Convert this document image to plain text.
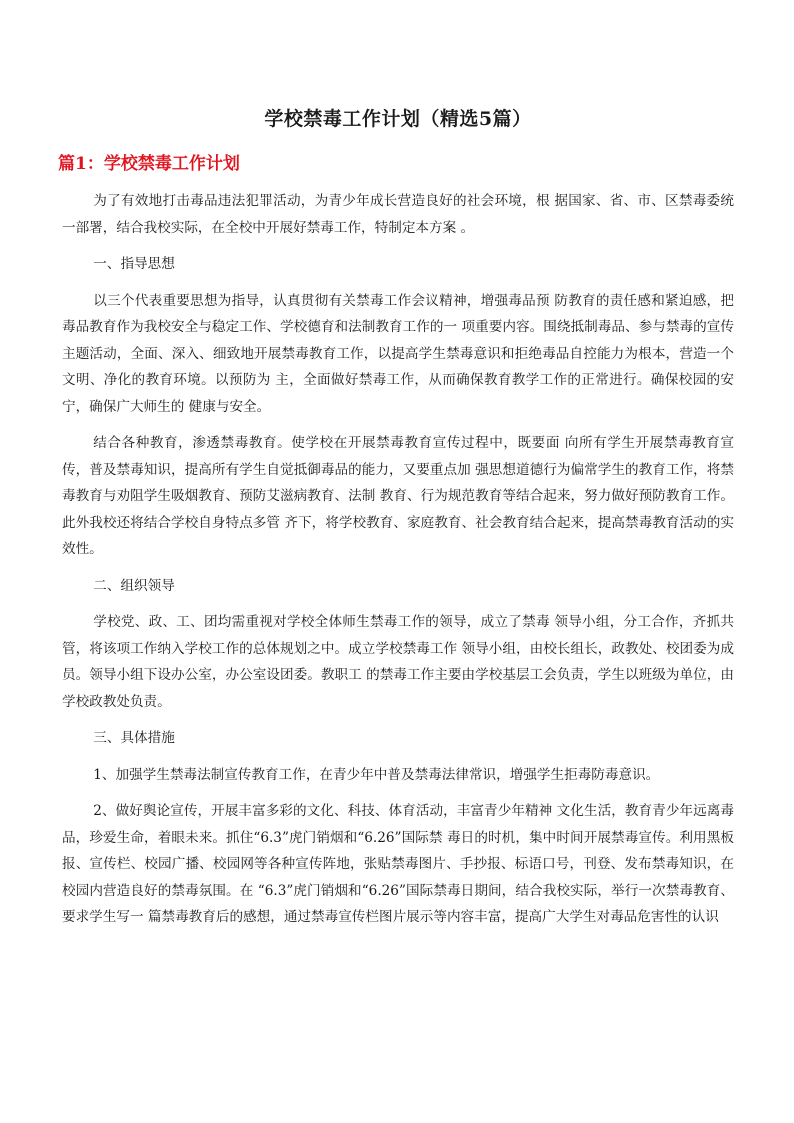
学校禁毒工作计划（精选5篇）
篇1：学校禁毒工作计划

为了有效地打击毒品违法犯罪活动，为青少年成长营造良好的社会环境，根 据国家、省、市、区禁毒委统一部署，结合我校实际，在全校中开展好禁毒工作，特制定本方案 。

一、指导思想

以三个代表重要思想为指导，认真贯彻有关禁毒工作会议精神，增强毒品预 防教育的责任感和紧迫感，把毒品教育作为我校安全与稳定工作、学校德育和法制教育工作的一 项重要内容。围绕抵制毒品、参与禁毒的宣传主题活动，全面、深入、细致地开展禁毒教育工作，以提高学生禁毒意识和拒绝毒品自控能力为根本，营造一个文明、净化的教育环境。以预防为 主，全面做好禁毒工作，从而确保教育教学工作的正常进行。确保校园的安宁，确保广大师生的 健康与安全。

结合各种教育，渗透禁毒教育。使学校在开展禁毒教育宣传过程中，既要面 向所有学生开展禁毒教育宣传，普及禁毒知识，提高所有学生自觉抵御毒品的能力，又要重点加 强思想道德行为偏常学生的教育工作，将禁毒教育与劝阻学生吸烟教育、预防艾滋病教育、法制 教育、行为规范教育等结合起来，努力做好预防教育工作。此外我校还将结合学校自身特点多管 齐下，将学校教育、家庭教育、社会教育结合起来，提高禁毒教育活动的实效性。

二、组织领导

学校党、政、工、团均需重视对学校全体师生禁毒工作的领导，成立了禁毒 领导小组，分工合作，齐抓共管，将该项工作纳入学校工作的总体规划之中。成立学校禁毒工作 领导小组，由校长组长，政教处、校团委为成员。领导小组下设办公室，办公室设团委。教职工 的禁毒工作主要由学校基层工会负责，学生以班级为单位，由学校政教处负责。

三、具体措施

1、加强学生禁毒法制宣传教育工作，在青少年中普及禁毒法律常识，增强学生拒毒防毒意识。

2、做好舆论宣传，开展丰富多彩的文化、科技、体育活动，丰富青少年精神 文化生活，教育青少年远离毒品，珍爱生命，着眼未来。抓住“6.3”虎门销烟和“6.26”国际禁 毒日的时机，集中时间开展禁毒宣传。利用黑板报、宣传栏、校园广播、校园网等各种宣传阵地，张贴禁毒图片、手抄报、标语口号，刊登、发布禁毒知识，在校园内营造良好的禁毒氛围。在 “6.3”虎门销烟和“6.26”国际禁毒日期间，结合我校实际，举行一次禁毒教育、要求学生写一 篇禁毒教育后的感想，通过禁毒宣传栏图片展示等内容丰富，提高广大学生对毒品危害性的认识
